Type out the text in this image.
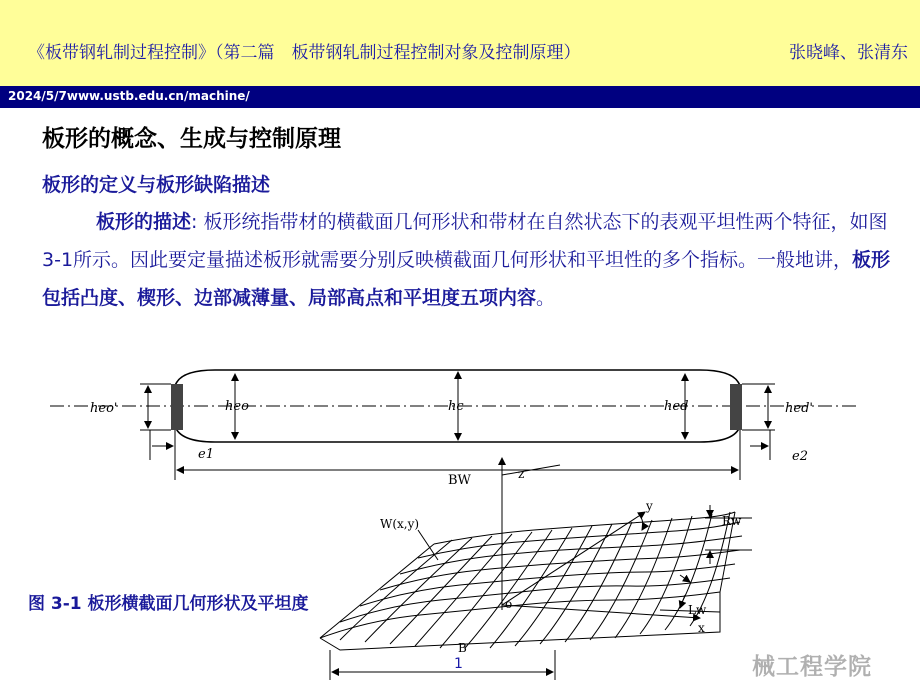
《板带钢轧制过程控制》（第二篇　板带钢轧制过程控制对象及控制原理）	张晓峰、张清东
2024/5/7www.ustb.edu.cn/machine/
板形的概念、生成与控制原理
板形的定义与板形缺陷描述
板形的描述: 板形统指带材的横截面几何形状和带材在自然状态下的表观平坦性两个特征，如图3-1所示。因此要定量描述板形就需要分别反映横截面几何形状和平坦性的多个指标。一般地讲，板形包括凸度、楔形、边部减薄量、局部高点和平坦度五项内容。
heo'	heo	hc	hed	hed'
e1	e2
BW	z
y
x
o
W(x,y)	Rw
Lw
B
图 3-1 板形横截面几何形状及平坦度
1	械工程学院
